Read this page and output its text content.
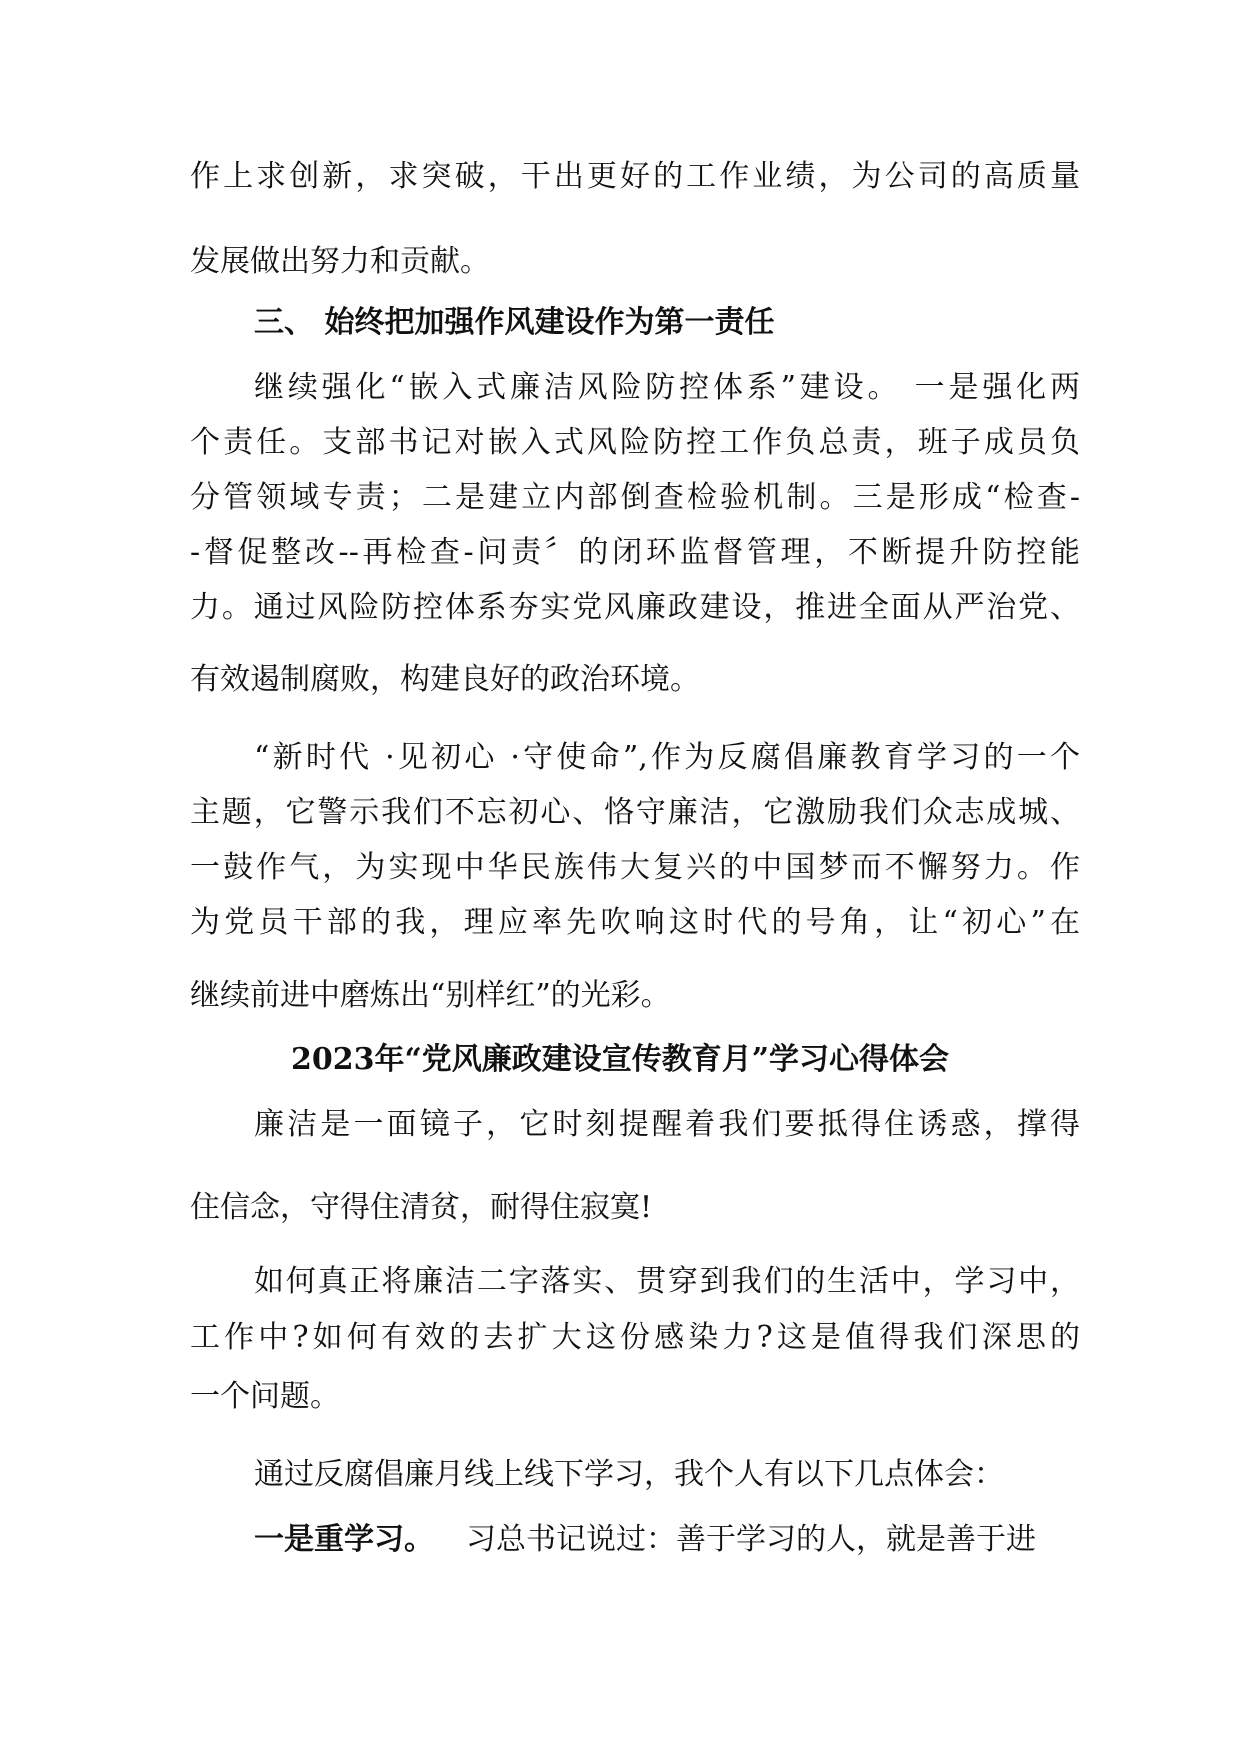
作上求创新，求突破，干出更好的工作业绩，为公司的高质量
发展做出努力和贡献。
三、 始终把加强作风建设作为第一责任
继续强化“嵌入式廉洁风险防控体系”建设。 一是强化两
个责任。支部书记对嵌入式风险防控工作负总责，班子成员负
分管领域专责；二是建立内部倒查检验机制。三是形成“检查-
-督促整改--再检查-问责〞的闭环监督管理，不断提升防控能
力。通过风险防控体系夯实党风廉政建设，推进全面从严治党、
有效遏制腐败，构建良好的政治环境。
“新时代 ·见初心 ·守使命”,作为反腐倡廉教育学习的一个
主题，它警示我们不忘初心、恪守廉洁，它激励我们众志成城、
一鼓作气，为实现中华民族伟大复兴的中国梦而不懈努力。作
为党员干部的我，理应率先吹响这时代的号角，让“初心”在
继续前进中磨炼出“别样红”的光彩。
2023年“党风廉政建设宣传教育月”学习心得体会
廉洁是一面镜子，它时刻提醒着我们要抵得住诱惑，撑得
住信念，守得住清贫，耐得住寂寞!
如何真正将廉洁二字落实、贯穿到我们的生活中，学习中，
工作中?如何有效的去扩大这份感染力?这是值得我们深思的
一个问题。
通过反腐倡廉月线上线下学习，我个人有以下几点体会：
一是重学习。 习总书记说过：善于学习的人，就是善于进
